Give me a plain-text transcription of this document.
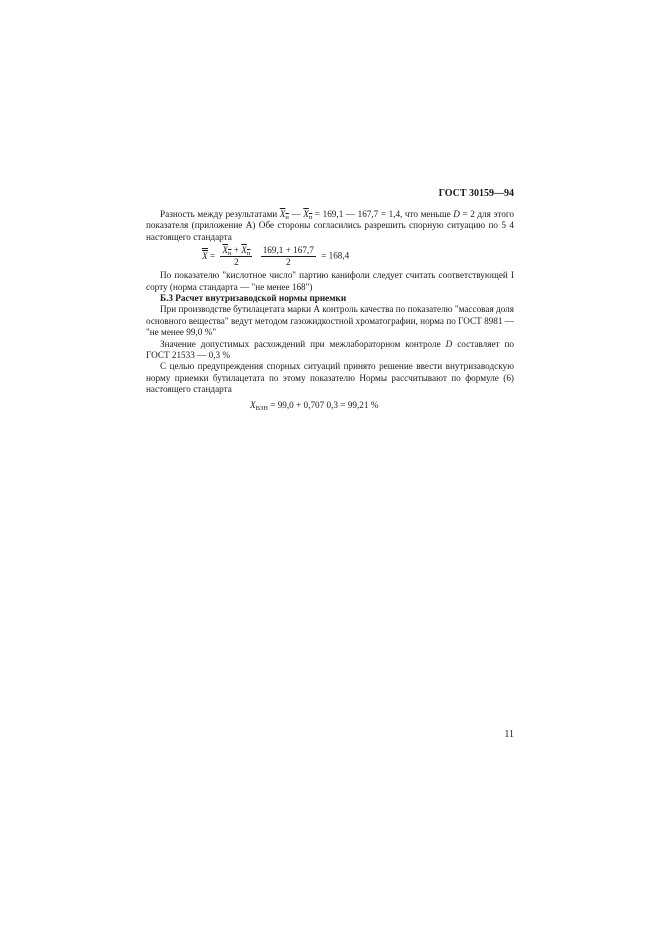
ГОСТ 30159—94

Разность между результатами $X_н$ — $X_п = 169,1$ — 167,7 = 1,4, что меньше D = 2 для этого показателя (приложение А) Обе стороны согласились разрешить спорную ситуацию по 5 4 настоящего стандарта

$X = \frac{X_н + X_п}{2}$
$\frac{169,1 + 167,7}{2} = 168,4$

По показателю "кислотное число" партию канифоли следует считать соответствующей I сорту (нормa стандарта — "не менее 168")

Б.3 Расчет внутризаводской нормы приемки

При производстве бутилацетата марки А контроль качества по показателю "массовая доля основного вещества" ведут методом газожидкостной хроматографии, норма по ГОСТ 8981 — "не менее 99,0 %"

Значение допустимых расхождений при межлабораторном контроле D составляет по ГОСТ 21533 — 0,3 %

С целью предупреждения спорных ситуаций принято решение ввести внутризаводскую норму приемки бутилацетата по этому показателю Нормы рассчитывают по формуле (6) настоящего стандарта

$X_{ВЗН} = 99,0 + 0,707$ 0,3 = 99,21 %
11
